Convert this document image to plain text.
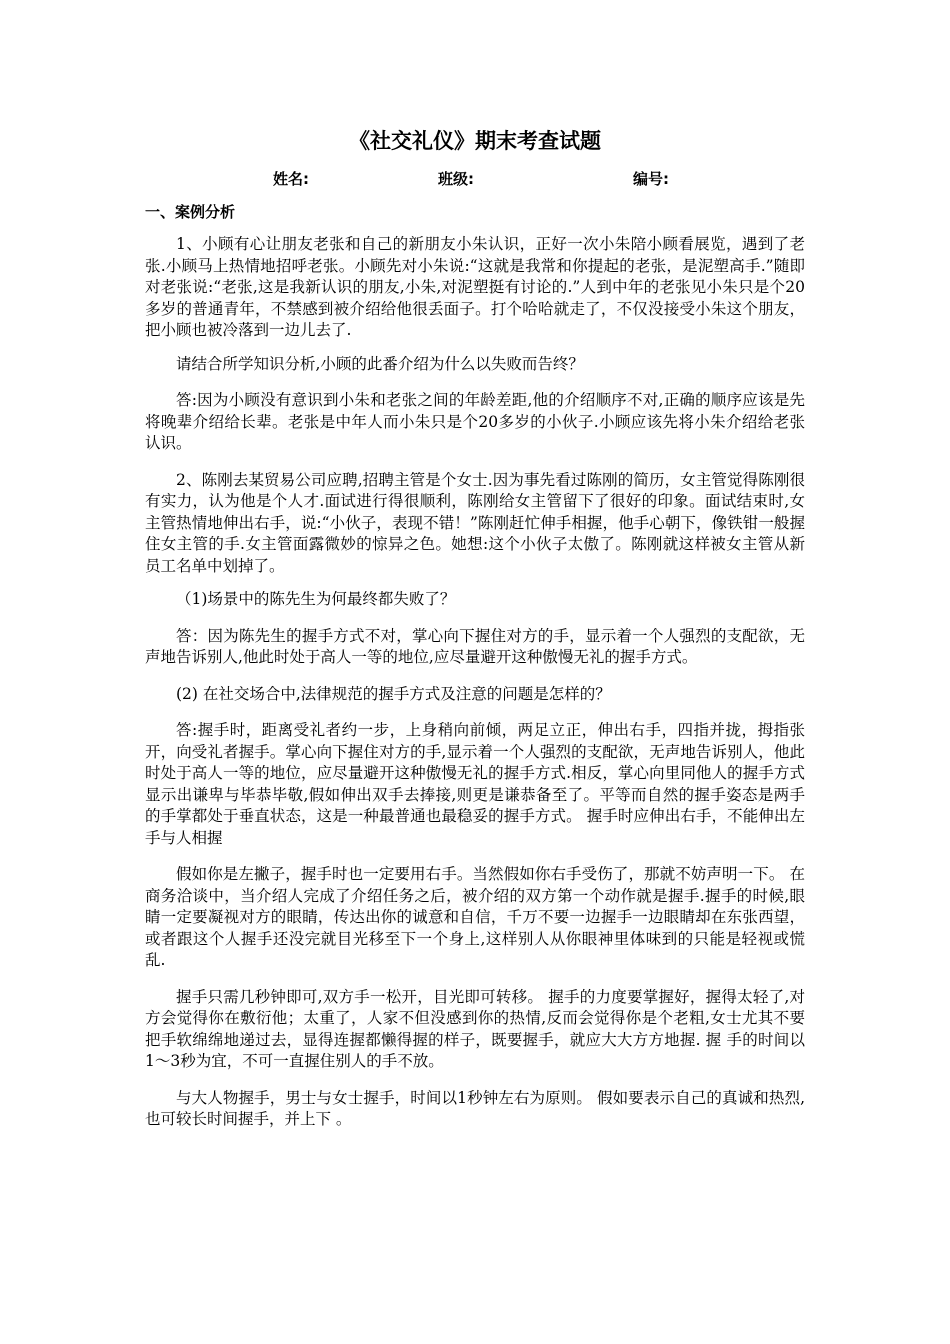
《社交礼仪》期末考查试题
姓名:	班级:	编号:
一、案例分析

1、小顾有心让朋友老张和自己的新朋友小朱认识，正好一次小朱陪小顾看展览，遇到了老张.小顾马上热情地招呼老张。小顾先对小朱说:“这就是我常和你提起的老张，是泥塑高手.”随即对老张说:“老张,这是我新认识的朋友,小朱,对泥塑挺有讨论的.”人到中年的老张见小朱只是个20多岁的普通青年，不禁感到被介绍给他很丢面子。打个哈哈就走了，不仅没接受小朱这个朋友，把小顾也被冷落到一边儿去了.

请结合所学知识分析,小顾的此番介绍为什么以失败而告终？

答:因为小顾没有意识到小朱和老张之间的年龄差距,他的介绍顺序不对,正确的顺序应该是先将晚辈介绍给长辈。老张是中年人而小朱只是个20多岁的小伙子.小顾应该先将小朱介绍给老张认识。

2、陈刚去某贸易公司应聘,招聘主管是个女士.因为事先看过陈刚的简历，女主管觉得陈刚很有实力，认为他是个人才.面试进行得很顺利，陈刚给女主管留下了很好的印象。面试结束时,女主管热情地伸出右手，说:“小伙子，表现不错！”陈刚赶忙伸手相握，他手心朝下，像铁钳一般握住女主管的手.女主管面露微妙的惊异之色。她想:这个小伙子太傲了。陈刚就这样被女主管从新员工名单中划掉了。

（1)场景中的陈先生为何最终都失败了？

答：因为陈先生的握手方式不对，掌心向下握住对方的手，显示着一个人强烈的支配欲，无声地告诉别人,他此时处于高人一等的地位,应尽量避开这种傲慢无礼的握手方式。

(2) 在社交场合中,法律规范的握手方式及注意的问题是怎样的？

答:握手时，距离受礼者约一步，上身稍向前倾，两足立正，伸出右手，四指并拢，拇指张开，向受礼者握手。掌心向下握住对方的手,显示着一个人强烈的支配欲，无声地告诉别人，他此时处于高人一等的地位，应尽量避开这种傲慢无礼的握手方式.相反，掌心向里同他人的握手方式显示出谦卑与毕恭毕敬,假如伸出双手去捧接,则更是谦恭备至了。平等而自然的握手姿态是两手的手掌都处于垂直状态，这是一种最普通也最稳妥的握手方式。 握手时应伸出右手，不能伸出左手与人相握

假如你是左撇子，握手时也一定要用右手。当然假如你右手受伤了，那就不妨声明一下。 在商务洽谈中，当介绍人完成了介绍任务之后，被介绍的双方第一个动作就是握手.握手的时候,眼睛一定要凝视对方的眼睛，传达出你的诚意和自信，千万不要一边握手一边眼睛却在东张西望，或者跟这个人握手还没完就目光移至下一个身上,这样别人从你眼神里体味到的只能是轻视或慌乱.

握手只需几秒钟即可,双方手一松开，目光即可转移。 握手的力度要掌握好，握得太轻了,对方会觉得你在敷衍他；太重了，人家不但没感到你的热情,反而会觉得你是个老粗,女士尤其不要把手软绵绵地递过去，显得连握都懒得握的样子，既要握手，就应大大方方地握. 握 手的时间以1～3秒为宜，不可一直握住别人的手不放。

与大人物握手，男士与女士握手，时间以1秒钟左右为原则。 假如要表示自己的真诚和热烈,也可较长时间握手，并上下 。
